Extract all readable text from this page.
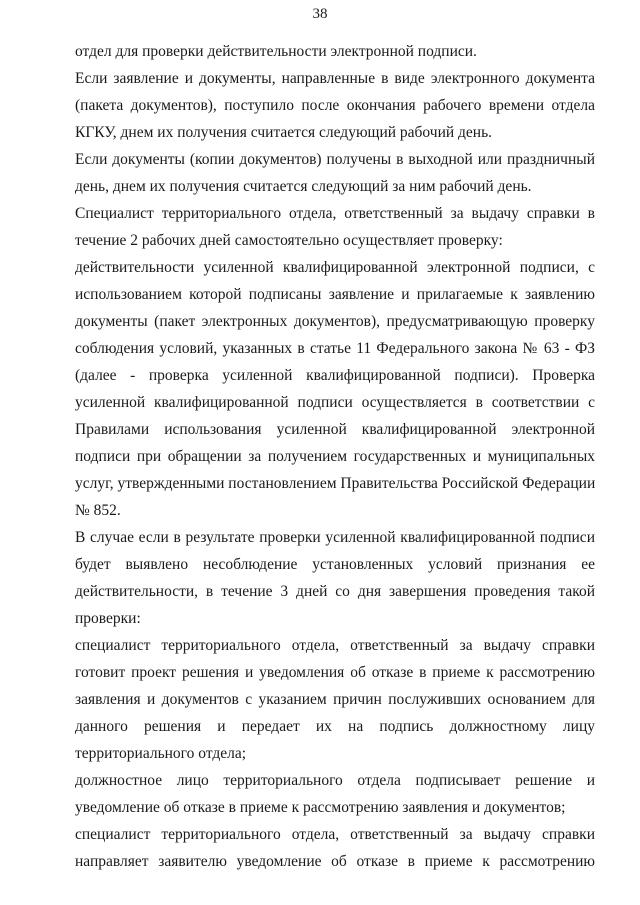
38

отдел для проверки действительности электронной подписи.

Если заявление и документы, направленные в виде электронного документа
(пакета документов), поступило после окончания рабочего времени отдела
КГКУ, днем их получения считается следующий рабочий день.

Если документы (копии документов) получены в выходной или праздничный
день, днем их получения считается следующий за ним рабочий день.

Специалист территориального отдела, ответственный за выдачу справки в
течение 2 рабочих дней самостоятельно осуществляет проверку:

действительности усиленной квалифицированной электронной подписи, с
использованием которой подписаны заявление и прилагаемые к заявлению
документы (пакет электронных документов), предусматривающую проверку
соблюдения условий, указанных в статье 11 Федерального закона № 63 - ФЗ
(далее - проверка усиленной квалифицированной подписи). Проверка
усиленной квалифицированной подписи осуществляется в соответствии с
Правилами использования усиленной квалифицированной электронной
подписи при обращении за получением государственных и муниципальных
услуг, утвержденными постановлением Правительства Российской Федерации
№ 852.

В случае если в результате проверки усиленной квалифицированной подписи
будет выявлено несоблюдение установленных условий признания ее
действительности, в течение 3 дней со дня завершения проведения такой
проверки:

специалист территориального отдела, ответственный за выдачу справки
готовит проект решения и уведомления об отказе в приеме к рассмотрению
заявления и документов с указанием причин послуживших основанием для
данного решения и передает их на подпись должностному лицу
территориального отдела;

должностное лицо территориального отдела подписывает решение и
уведомление об отказе в приеме к рассмотрению заявления и документов;

специалист территориального отдела, ответственный за выдачу справки
направляет заявителю уведомление об отказе в приеме к рассмотрению
